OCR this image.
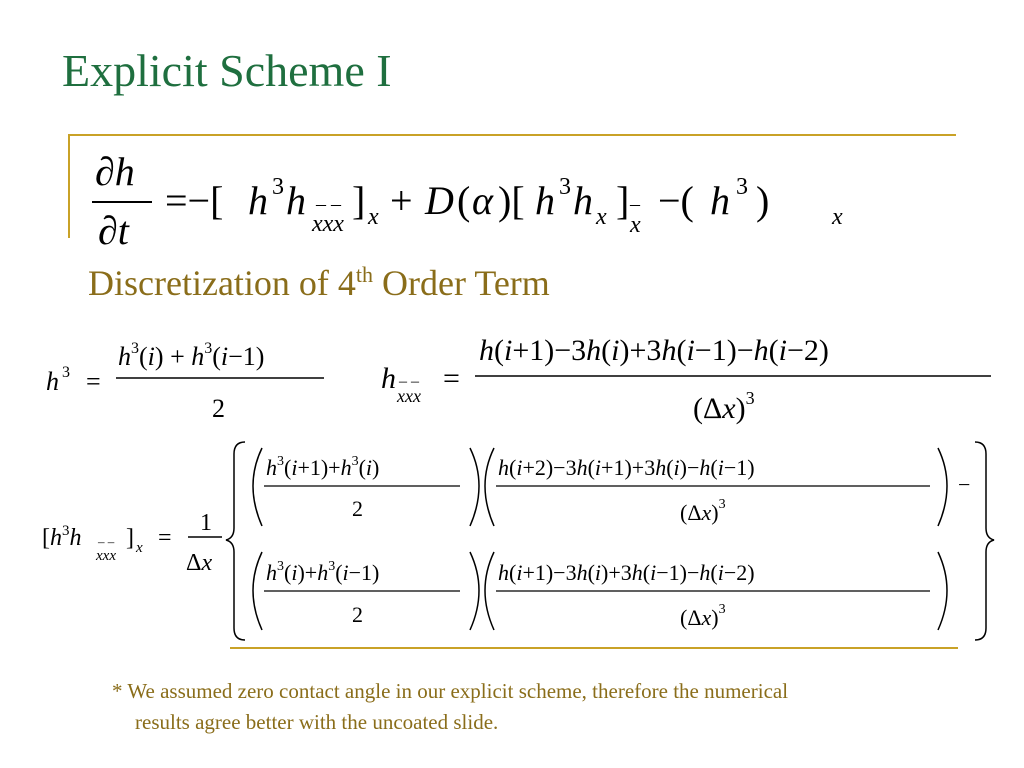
Explicit Scheme I
∂h
∂t
=−[ h 3 h
xxx
– – ] x + D ( α )[ h 3 h x ] –
x
−( h 3 )	x
Discretization of 4th Order Term
h 3 =
$h^3(i) + h^3(i-1)$
2
h
xxx
– – =
h(i+1)−3h(i)+3h(i−1)−h(i−2)
$(\Delta x)^3$
[$h^3h$
xxx
– – ] x =
1
Δx
$h^3(i+1)+h^3(i)$
2
h(i+2)−3h(i+1)+3h(i)−h(i−1)
$(\Delta x)^3$
−
$h^3(i)+h^3(i-1)$
2
h(i+1)−3h(i)+3h(i−1)−h(i−2)
$(\Delta x)^3$
* We assumed zero contact angle in our explicit scheme, therefore the numerical
results agree better with the uncoated slide.
